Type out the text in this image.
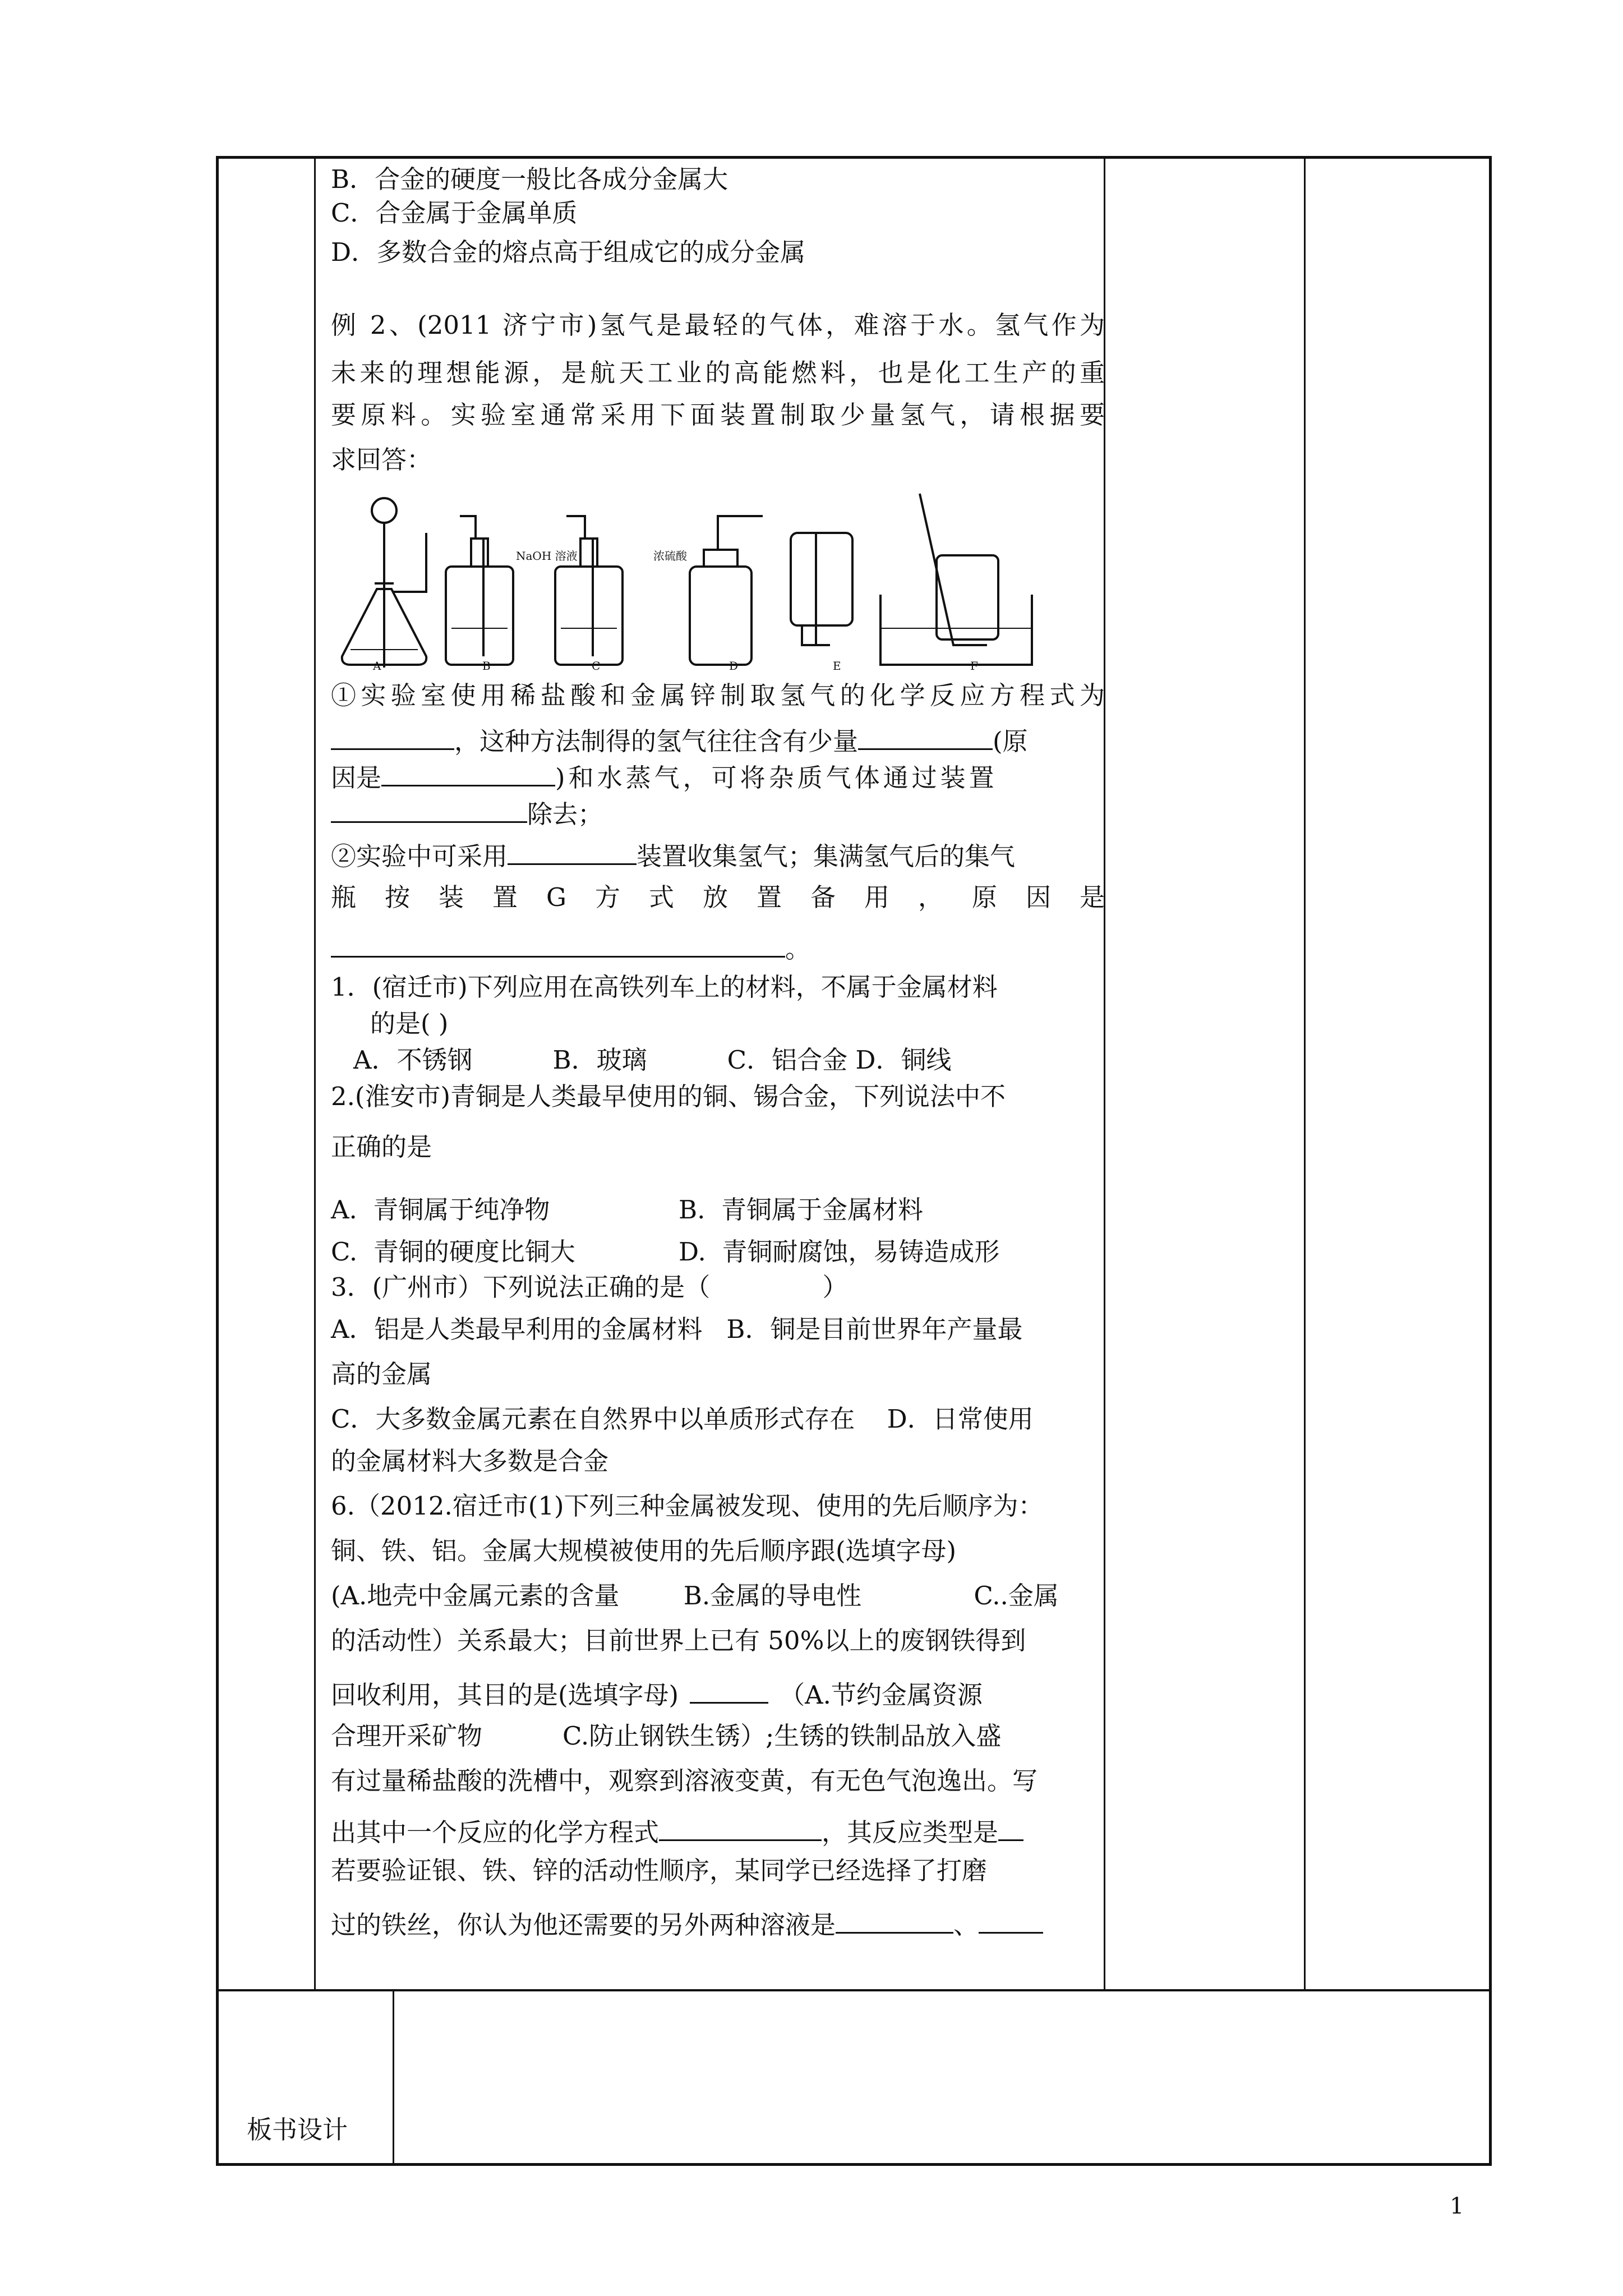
B．合金的硬度一般比各成分金属大
C．合金属于金属单质
D．多数合金的熔点高于组成它的成分金属
例 2、(2011 济宁市)氢气是最轻的气体，难溶于水。氢气作为
未来的理想能源，是航天工业的高能燃料，也是化工生产的重
要原料。实验室通常采用下面装置制取少量氢气，请根据要
求回答：
NaOH 溶液	浓硫酸
A	B	C	D	E	F
①实验室使用稀盐酸和金属锌制取氢气的化学反应方程式为
，这种方法制得的氢气往往含有少量	(原
因是	)和水蒸气，可将杂质气体通过装置
除去；
②实验中可采用	装置收集氢气；集满氢气后的集气
瓶按装置G方式放置备用，原因是
。
1．(宿迁市)下列应用在高铁列车上的材料，不属于金属材料
的是( )
A．不锈钢          B．玻璃          C．铝合金 D．铜线
2.(淮安市)青铜是人类最早使用的铜、锡合金，下列说法中不
正确的是
A.  青铜属于纯净物	B.  青铜属于金属材料
C.  青铜的硬度比铜大	D.  青铜耐腐蚀，易铸造成形
3．(广州市）下列说法正确的是（              ）
A．铝是人类最早利用的金属材料   B．铜是目前世界年产量最
高的金属
C．大多数金属元素在自然界中以单质形式存在    D．日常使用
的金属材料大多数是合金
6.（2012.宿迁市(1)下列三种金属被发现、使用的先后顺序为：
铜、铁、铝。金属大规模被使用的先后顺序跟(选填字母)
(A.地壳中金属元素的含量        B.金属的导电性              C..金属
的活动性）关系最大；目前世界上已有 50%以上的废钢铁得到
回收利用，其目的是(选填字母)	（A.节约金属资源
合理开采矿物          C.防止钢铁生锈）;生锈的铁制品放入盛
有过量稀盐酸的洗槽中，观察到溶液变黄，有无色气泡逸出。写
出其中一个反应的化学方程式	，其反应类型是
若要验证银、铁、锌的活动性顺序，某同学已经选择了打磨
过的铁丝，你认为他还需要的另外两种溶液是	、
板书设计
1
